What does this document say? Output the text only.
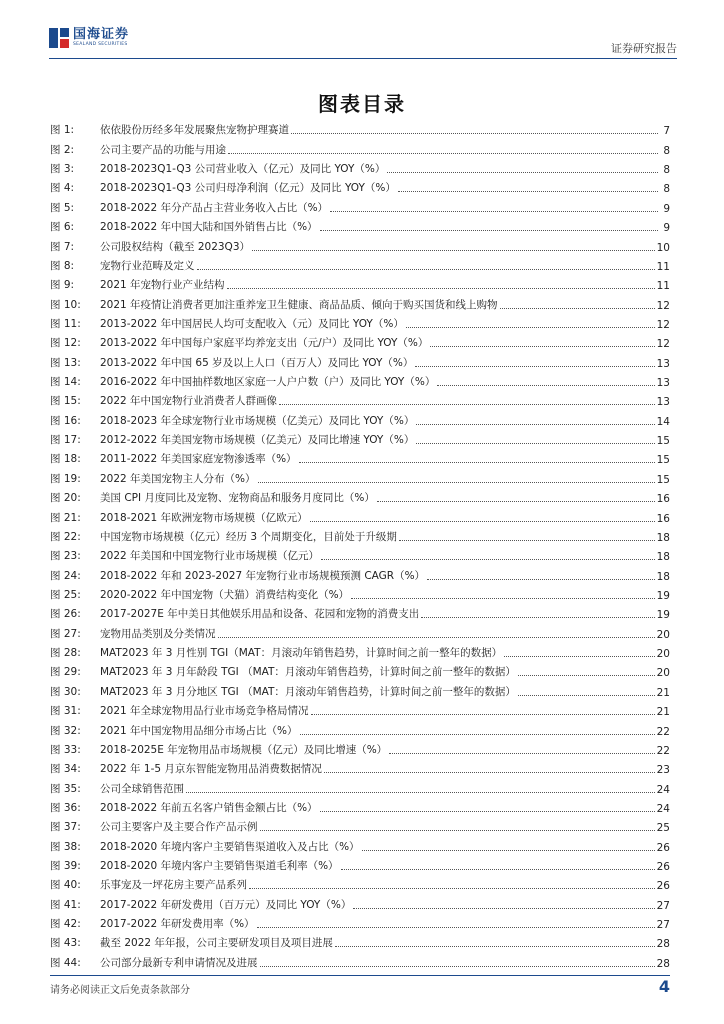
国海证券
SEALAND SECURITIES	证券研究报告
图表目录
图 1:	依依股份历经多年发展聚焦宠物护理赛道	7
图 2:	公司主要产品的功能与用途	8
图 3:	2018-2023Q1-Q3 公司营业收入（亿元）及同比 YOY（%）	8
图 4:	2018-2023Q1-Q3 公司归母净利润（亿元）及同比 YOY（%）	8
图 5:	2018-2022 年分产品占主营业务收入占比（%）	9
图 6:	2018-2022 年中国大陆和国外销售占比（%）	9
图 7:	公司股权结构（截至 2023Q3）	10
图 8:	宠物行业范畴及定义	11
图 9:	2021 年宠物行业产业结构	11
图 10:	2021 年疫情让消费者更加注重养宠卫生健康、商品品质、倾向于购买国货和线上购物	12
图 11:	2013-2022 年中国居民人均可支配收入（元）及同比 YOY（%）	12
图 12:	2013-2022 年中国每户家庭平均养宠支出（元/户）及同比 YOY（%）	12
图 13:	2013-2022 年中国 65 岁及以上人口（百万人）及同比 YOY（%）	13
图 14:	2016-2022 年中国抽样数地区家庭一人户户数（户）及同比 YOY（%）	13
图 15:	2022 年中国宠物行业消费者人群画像	13
图 16:	2018-2023 年全球宠物行业市场规模（亿美元）及同比 YOY（%）	14
图 17:	2012-2022 年美国宠物市场规模（亿美元）及同比增速 YOY（%）	15
图 18:	2011-2022 年美国家庭宠物渗透率（%）	15
图 19:	2022 年美国宠物主人分布（%）	15
图 20:	美国 CPI 月度同比及宠物、宠物商品和服务月度同比（%）	16
图 21:	2018-2021 年欧洲宠物市场规模（亿欧元）	16
图 22:	中国宠物市场规模（亿元）经历 3 个周期变化，目前处于升级期	18
图 23:	2022 年美国和中国宠物行业市场规模（亿元）	18
图 24:	2018-2022 年和 2023-2027 年宠物行业市场规模预测 CAGR（%）	18
图 25:	2020-2022 年中国宠物（犬猫）消费结构变化（%）	19
图 26:	2017-2027E 年中美日其他娱乐用品和设备、花园和宠物的消费支出	19
图 27:	宠物用品类别及分类情况	20
图 28:	MAT2023 年 3 月性别 TGI（MAT：月滚动年销售趋势，计算时间之前一整年的数据）	20
图 29:	MAT2023 年 3 月年龄段 TGI （MAT：月滚动年销售趋势，计算时间之前一整年的数据）	20
图 30:	MAT2023 年 3 月分地区 TGI （MAT：月滚动年销售趋势，计算时间之前一整年的数据）	21
图 31:	2021 年全球宠物用品行业市场竞争格局情况	21
图 32:	2021 年中国宠物用品细分市场占比（%）	22
图 33:	2018-2025E 年宠物用品市场规模（亿元）及同比增速（%）	22
图 34:	2022 年 1-5 月京东智能宠物用品消费数据情况	23
图 35:	公司全球销售范围	24
图 36:	2018-2022 年前五名客户销售金额占比（%）	24
图 37:	公司主要客户及主要合作产品示例	25
图 38:	2018-2020 年境内客户主要销售渠道收入及占比（%）	26
图 39:	2018-2020 年境内客户主要销售渠道毛利率（%）	26
图 40:	乐事宠及一坪花房主要产品系列	26
图 41:	2017-2022 年研发费用（百万元）及同比 YOY（%）	27
图 42:	2017-2022 年研发费用率（%）	27
图 43:	截至 2022 年年报，公司主要研发项目及项目进展	28
图 44:	公司部分最新专利申请情况及进展	28
请务必阅读正文后免责条款部分	4
